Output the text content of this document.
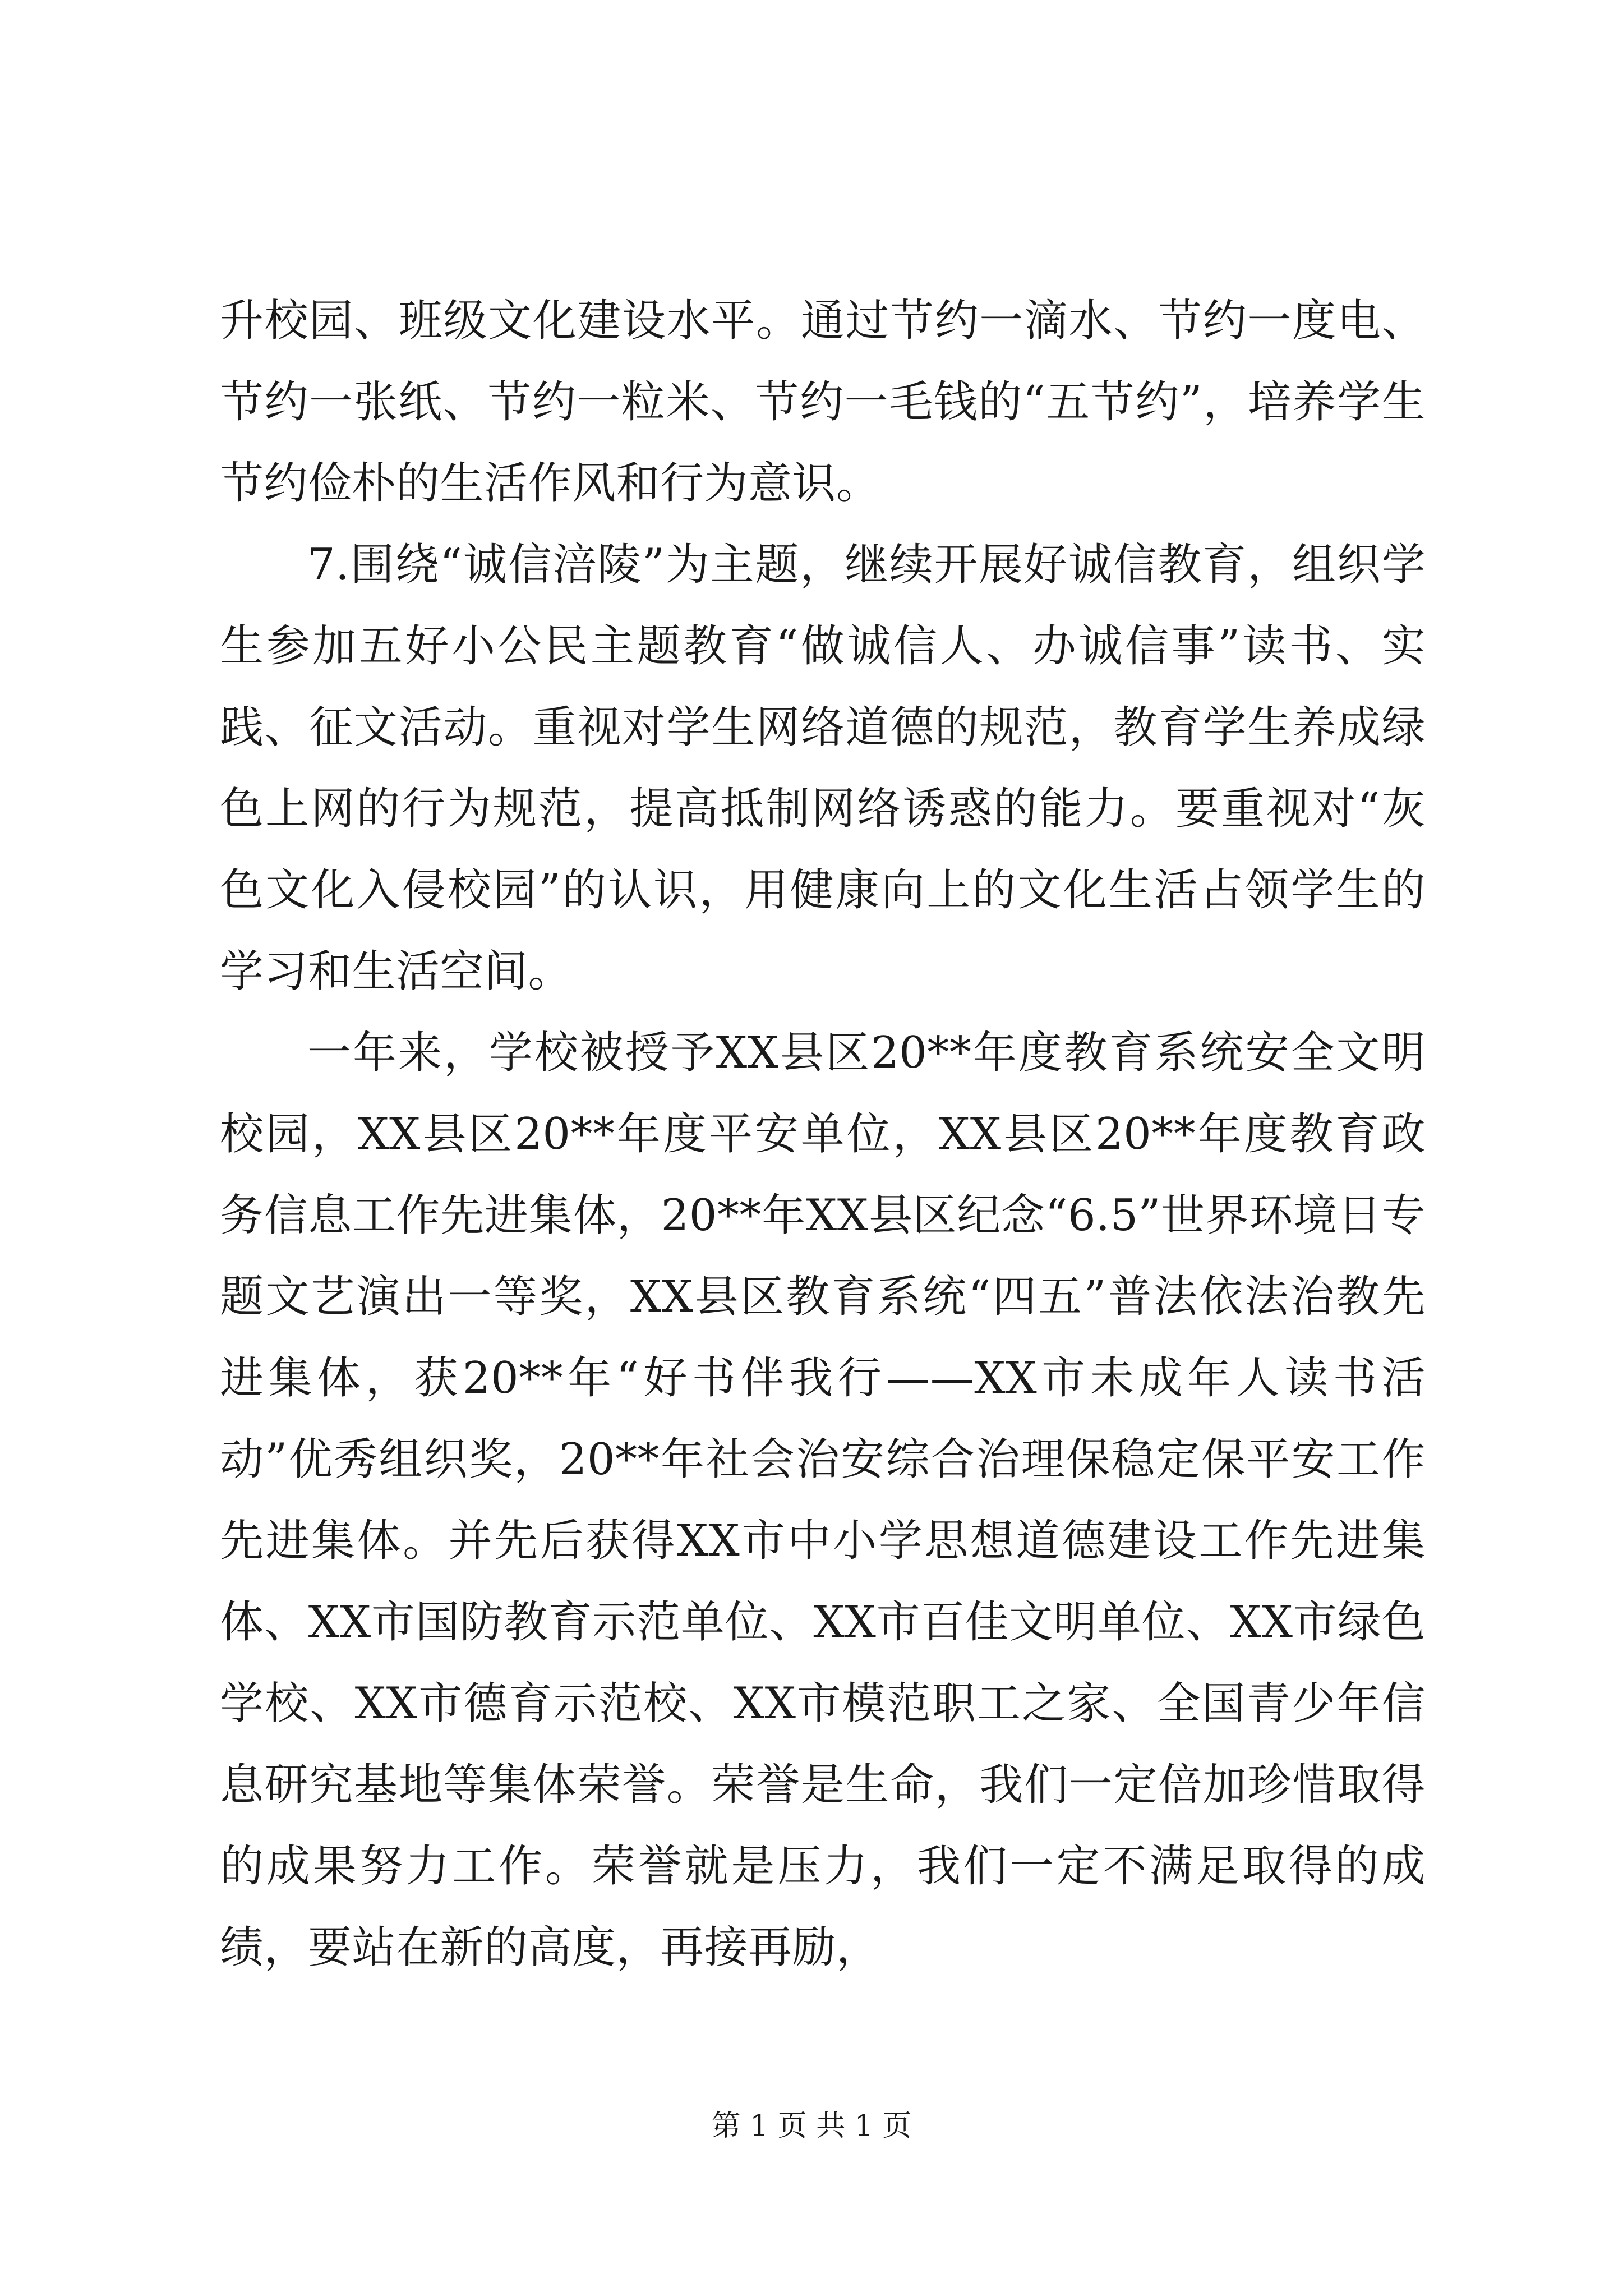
升校园、班级文化建设水平。通过节约一滴水、节约一度电、节约一张纸、节约一粒米、节约一毛钱的“五节约”，培养学生节约俭朴的生活作风和行为意识。

7.围绕“诚信涪陵”为主题，继续开展好诚信教育，组织学生参加五好小公民主题教育“做诚信人、办诚信事”读书、实践、征文活动。重视对学生网络道德的规范，教育学生养成绿色上网的行为规范，提高抵制网络诱惑的能力。要重视对“灰色文化入侵校园”的认识，用健康向上的文化生活占领学生的学习和生活空间。

一年来，学校被授予XX县区20**年度教育系统安全文明校园，XX县区20**年度平安单位，XX县区20**年度教育政务信息工作先进集体，20**年XX县区纪念“6.5”世界环境日专题文艺演出一等奖，XX县区教育系统“四五”普法依法治教先进集体，获20**年“好书伴我行——XX市未成年人读书活动”优秀组织奖，20**年社会治安综合治理保稳定保平安工作先进集体。并先后获得XX市中小学思想道德建设工作先进集体、XX市国防教育示范单位、XX市百佳文明单位、XX市绿色学校、XX市德育示范校、XX市模范职工之家、全国青少年信息研究基地等集体荣誉。荣誉是生命，我们一定倍加珍惜取得的成果努力工作。荣誉就是压力，我们一定不满足取得的成绩，要站在新的高度，再接再励，

第 1 页 共 1 页
